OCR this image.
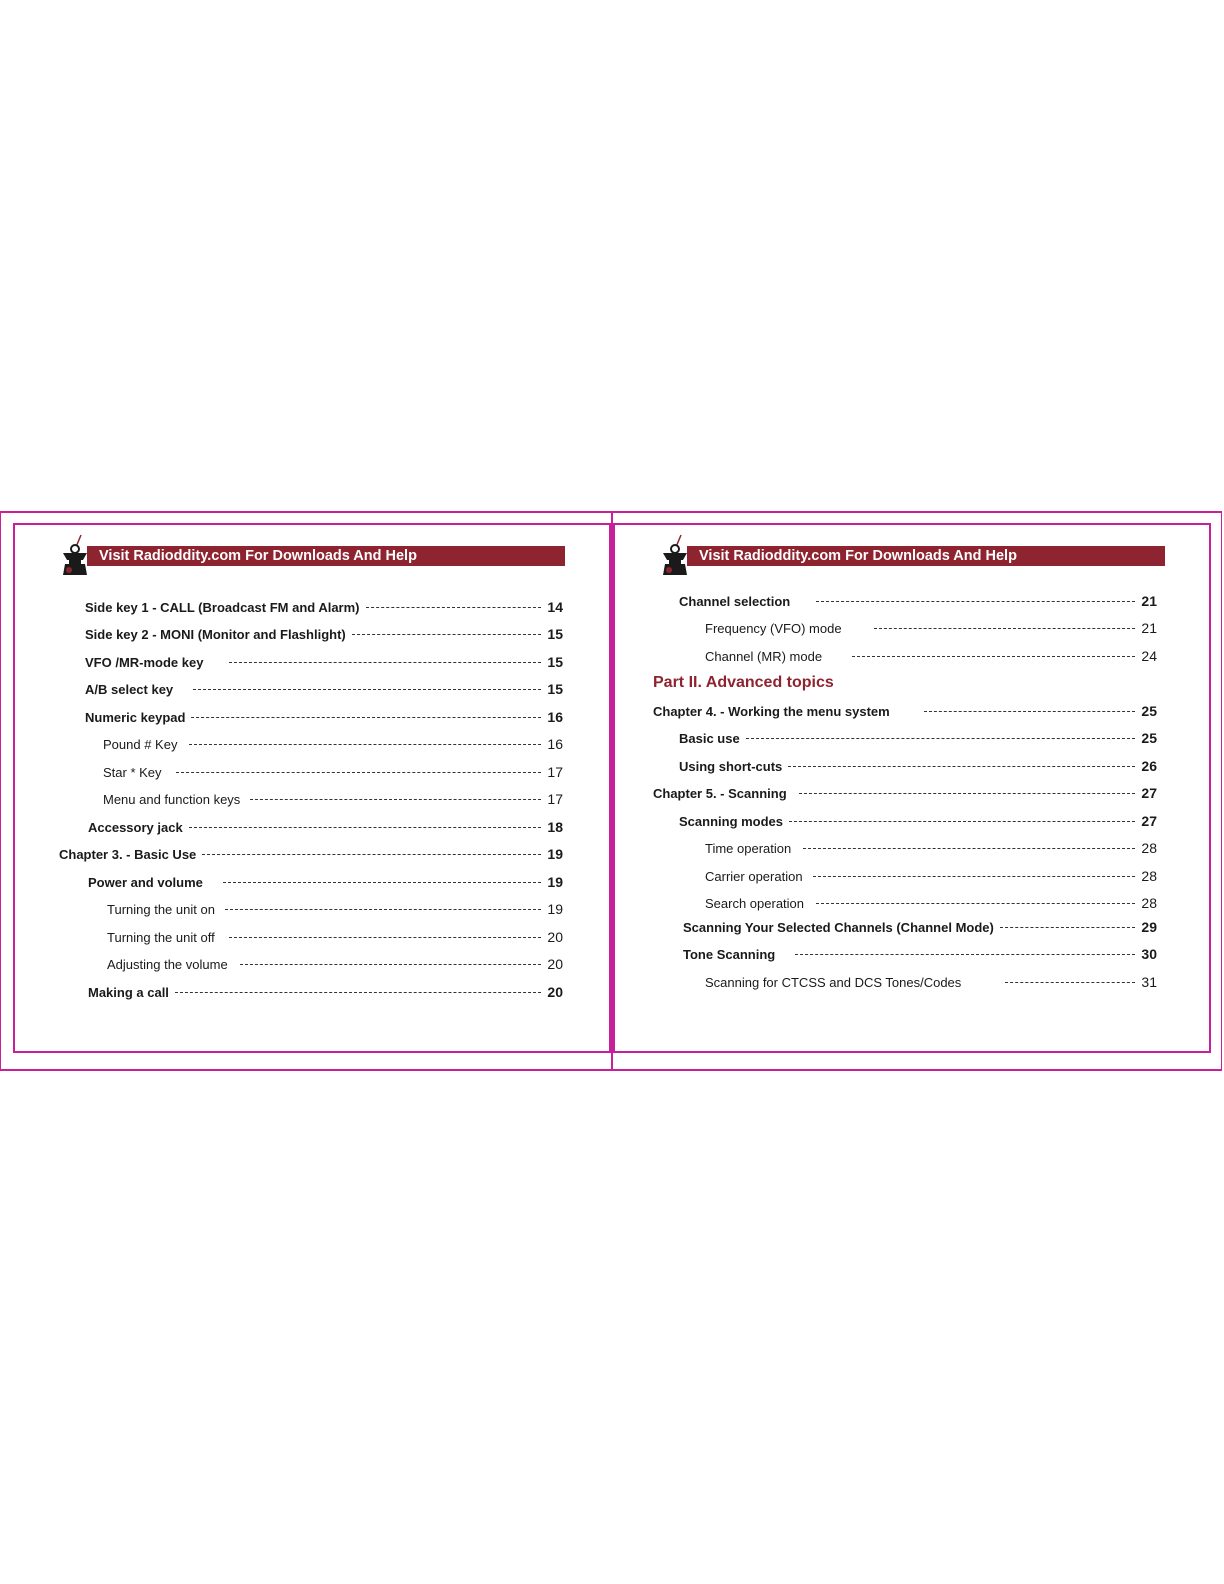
Visit Radioddity.com For Downloads And Help
Side key 1 - CALL (Broadcast FM and Alarm)	14
Side key 2 - MONI (Monitor and Flashlight)	15
VFO /MR-mode key	15
A/B select key	15
Numeric keypad	16
Pound # Key	16
Star * Key	17
Menu and function keys	17
Accessory jack	18
Chapter 3. - Basic Use	19
Power and volume	19
Turning the unit on	19
Turning the unit off	20
Adjusting the volume	20
Making a call	20
Visit Radioddity.com For Downloads And Help
Channel selection	21
Frequency (VFO) mode	21
Channel (MR) mode	24
Part II. Advanced topics
Chapter 4. - Working the menu system	25
Basic use	25
Using short-cuts	26
Chapter 5. - Scanning	27
Scanning modes	27
Time operation	28
Carrier operation	28
Search operation	28
Scanning Your Selected Channels (Channel Mode)	29
Tone Scanning	30
Scanning for CTCSS and DCS Tones/Codes	31
